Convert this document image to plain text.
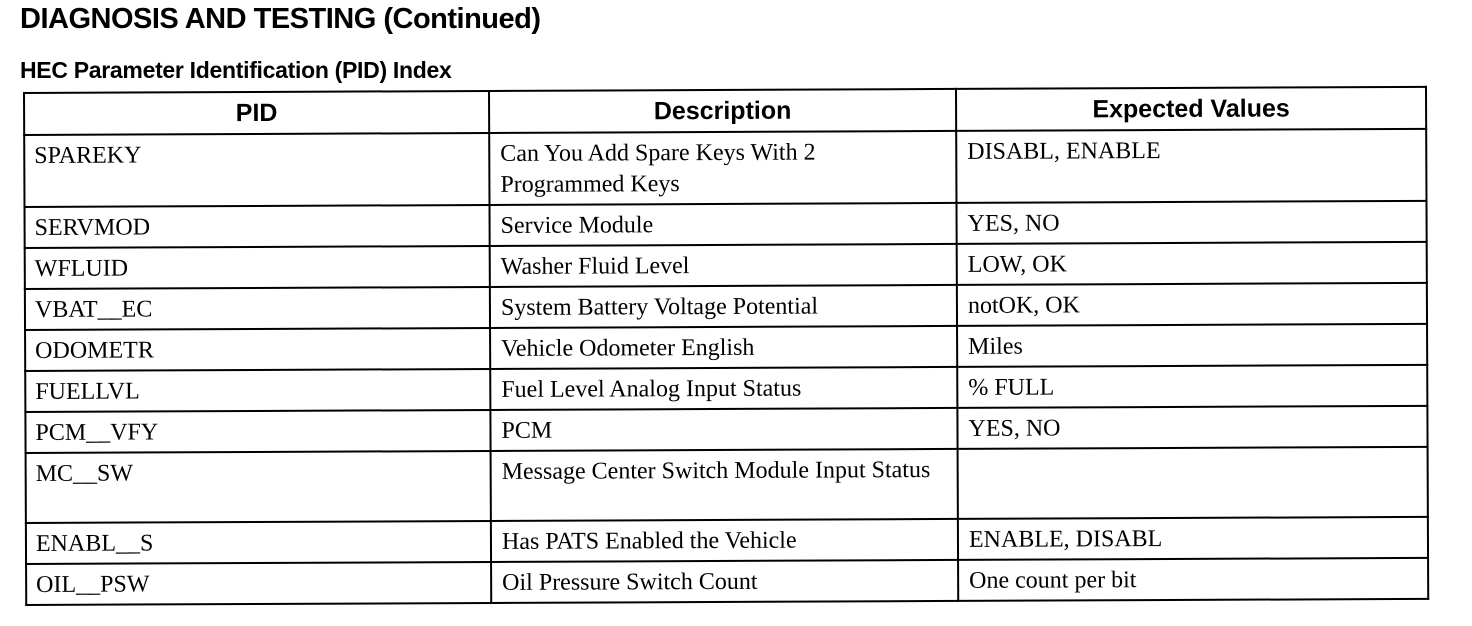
DIAGNOSIS AND TESTING (Continued)
HEC Parameter Identification (PID) Index
PID	Description	Expected Values
SPAREKY	Can You Add Spare Keys With 2 Programmed Keys	DISABL, ENABLE
SERVMOD	Service Module	YES, NO
WFLUID	Washer Fluid Level	LOW, OK
VBAT__EC	System Battery Voltage Potential	notOK, OK
ODOMETR	Vehicle Odometer English	Miles
FUELLVL	Fuel Level Analog Input Status	% FULL
PCM__VFY	PCM	YES, NO
MC__SW	Message Center Switch Module Input Status	
ENABL__S	Has PATS Enabled the Vehicle	ENABLE, DISABL
OIL__PSW	Oil Pressure Switch Count	One count per bit
